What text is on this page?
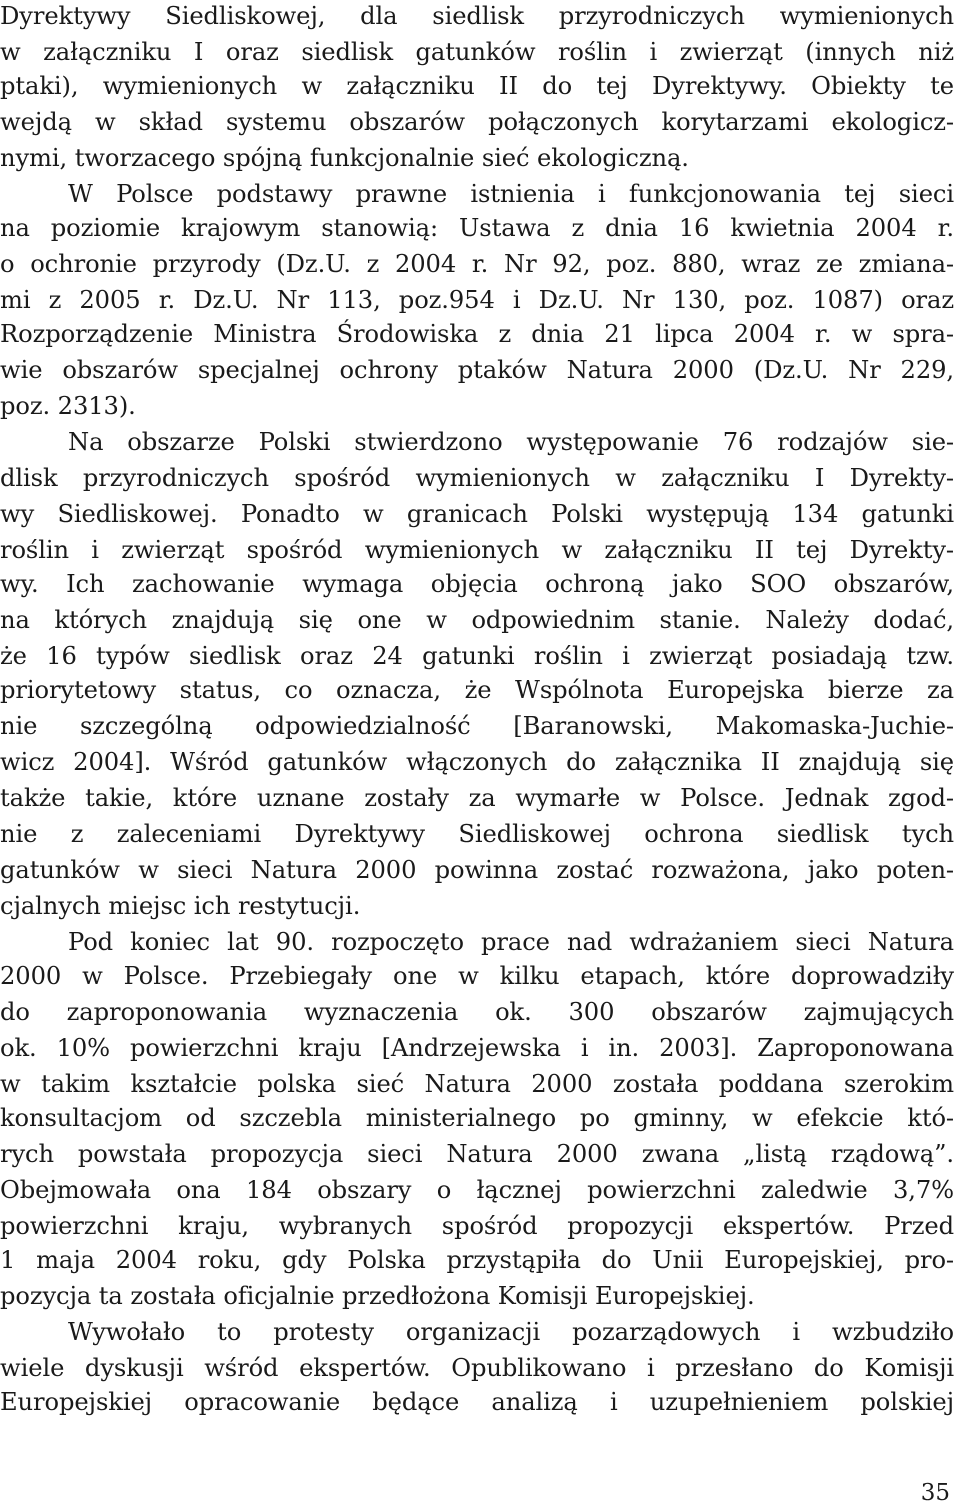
Dyrektywy Siedliskowej, dla siedlisk przyrodniczych wymienionych
w załączniku I oraz siedlisk gatunków roślin i zwierząt (innych niż
ptaki), wymienionych w załączniku II do tej Dyrektywy. Obiekty te
wejdą w skład systemu obszarów połączonych korytarzami ekologicz-
nymi, tworzacego spójną funkcjonalnie sieć ekologiczną.
W Polsce podstawy prawne istnienia i funkcjonowania tej sieci
na poziomie krajowym stanowią: Ustawa z dnia 16 kwietnia 2004 r.
o ochronie przyrody (Dz.U. z 2004 r. Nr 92, poz. 880, wraz ze zmiana-
mi z 2005 r. Dz.U. Nr 113, poz.954 i Dz.U. Nr 130, poz. 1087) oraz
Rozporządzenie Ministra Środowiska z dnia 21 lipca 2004 r. w spra-
wie obszarów specjalnej ochrony ptaków Natura 2000 (Dz.U. Nr 229,
poz. 2313).
Na obszarze Polski stwierdzono występowanie 76 rodzajów sie-
dlisk przyrodniczych spośród wymienionych w załączniku I Dyrekty-
wy Siedliskowej. Ponadto w granicach Polski występują 134 gatunki
roślin i zwierząt spośród wymienionych w załączniku II tej Dyrekty-
wy. Ich zachowanie wymaga objęcia ochroną jako SOO obszarów,
na których znajdują się one w odpowiednim stanie. Należy dodać,
że 16 typów siedlisk oraz 24 gatunki roślin i zwierząt posiadają tzw.
priorytetowy status, co oznacza, że Wspólnota Europejska bierze za
nie szczególną odpowiedzialność [Baranowski, Makomaska-Juchie-
wicz 2004]. Wśród gatunków włączonych do załącznika II znajdują się
także takie, które uznane zostały za wymarłe w Polsce. Jednak zgod-
nie z zaleceniami Dyrektywy Siedliskowej ochrona siedlisk tych
gatunków w sieci Natura 2000 powinna zostać rozważona, jako poten-
cjalnych miejsc ich restytucji.
Pod koniec lat 90. rozpoczęto prace nad wdrażaniem sieci Natura
2000 w Polsce. Przebiegały one w kilku etapach, które doprowadziły
do zaproponowania wyznaczenia ok. 300 obszarów zajmujących
ok. 10% powierzchni kraju [Andrzejewska i in. 2003]. Zaproponowana
w takim kształcie polska sieć Natura 2000 została poddana szerokim
konsultacjom od szczebla ministerialnego po gminny, w efekcie któ-
rych powstała propozycja sieci Natura 2000 zwana „listą rządową”.
Obejmowała ona 184 obszary o łącznej powierzchni zaledwie 3,7%
powierzchni kraju, wybranych spośród propozycji ekspertów. Przed
1 maja 2004 roku, gdy Polska przystąpiła do Unii Europejskiej, pro-
pozycja ta została oficjalnie przedłożona Komisji Europejskiej.
Wywołało to protesty organizacji pozarządowych i wzbudziło
wiele dyskusji wśród ekspertów. Opublikowano i przesłano do Komisji
Europejskiej opracowanie będące analizą i uzupełnieniem polskiej
35
